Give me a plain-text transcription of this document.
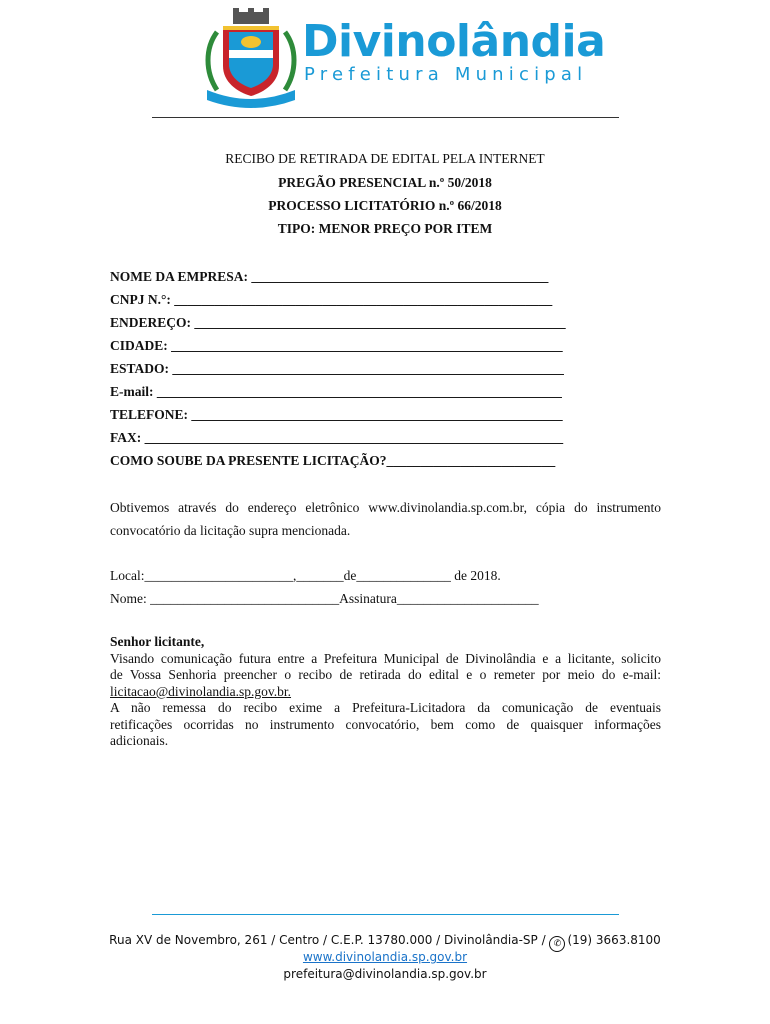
Divinolândia
Prefeitura Municipal
RECIBO DE RETIRADA DE EDITAL PELA INTERNET
PREGÃO PRESENCIAL n.º 50/2018
PROCESSO LICITATÓRIO n.º 66/2018
TIPO: MENOR PREÇO POR ITEM
NOME DA EMPRESA: ____________________________________________
CNPJ N.°: ________________________________________________________
ENDEREÇO: _______________________________________________________
CIDADE: __________________________________________________________
ESTADO: __________________________________________________________
E-mail: ____________________________________________________________
TELEFONE: _______________________________________________________
FAX: ______________________________________________________________
COMO SOUBE DA PRESENTE LICITAÇÃO?_________________________
Obtivemos através do endereço eletrônico www.divinolandia.sp.com.br, cópia do instrumento
convocatório da licitação supra mencionada.
Local:______________________,_______de______________ de 2018.
Nome: ____________________________Assinatura_____________________
Senhor licitante,
Visando comunicação futura entre a Prefeitura Municipal de Divinolândia e a licitante, solicito
de Vossa Senhoria preencher o recibo de retirada do edital e o remeter por meio do e-mail:
licitacao@divinolandia.sp.gov.br.
A não remessa do recibo exime a Prefeitura-Licitadora da comunicação de eventuais
retificações ocorridas no instrumento convocatório, bem como de quaisquer informações
adicionais.
Rua XV de Novembro, 261 / Centro / C.E.P. 13780.000 / Divinolândia-SP / ✆ (19) 3663.8100
www.divinolandia.sp.gov.br
prefeitura@divinolandia.sp.gov.br
